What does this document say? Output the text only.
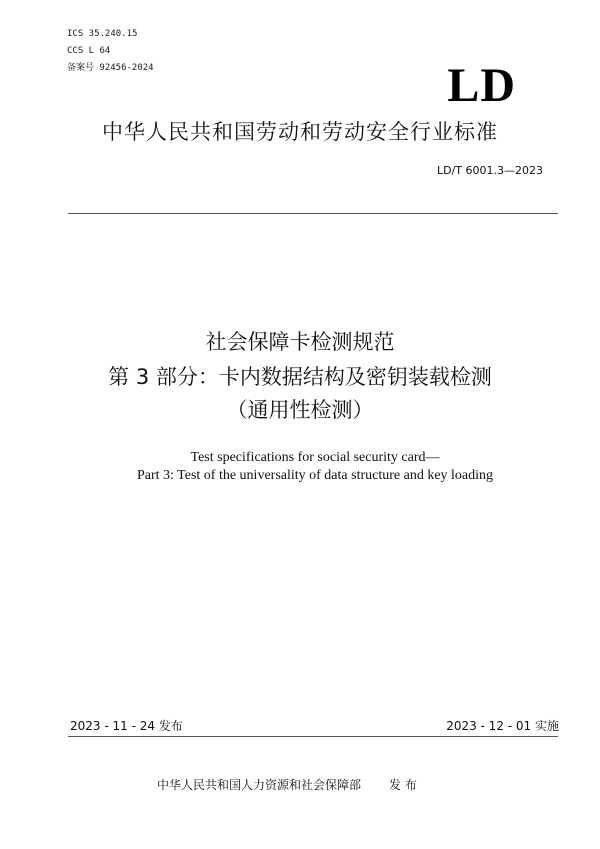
ICS 35.240.15
CCS L 64
备案号 92456-2024	LD
中华人民共和国劳动和劳动安全行业标准
LD/T 6001.3—2023
社会保障卡检测规范
第 3 部分：卡内数据结构及密钥装载检测
（通用性检测）
Test specifications for social security card—
Part 3: Test of the universality of data structure and key loading
2023 - 11 - 24 发布	2023 - 12 - 01 实施
中华人民共和国人力资源和社会保障部 发 布
